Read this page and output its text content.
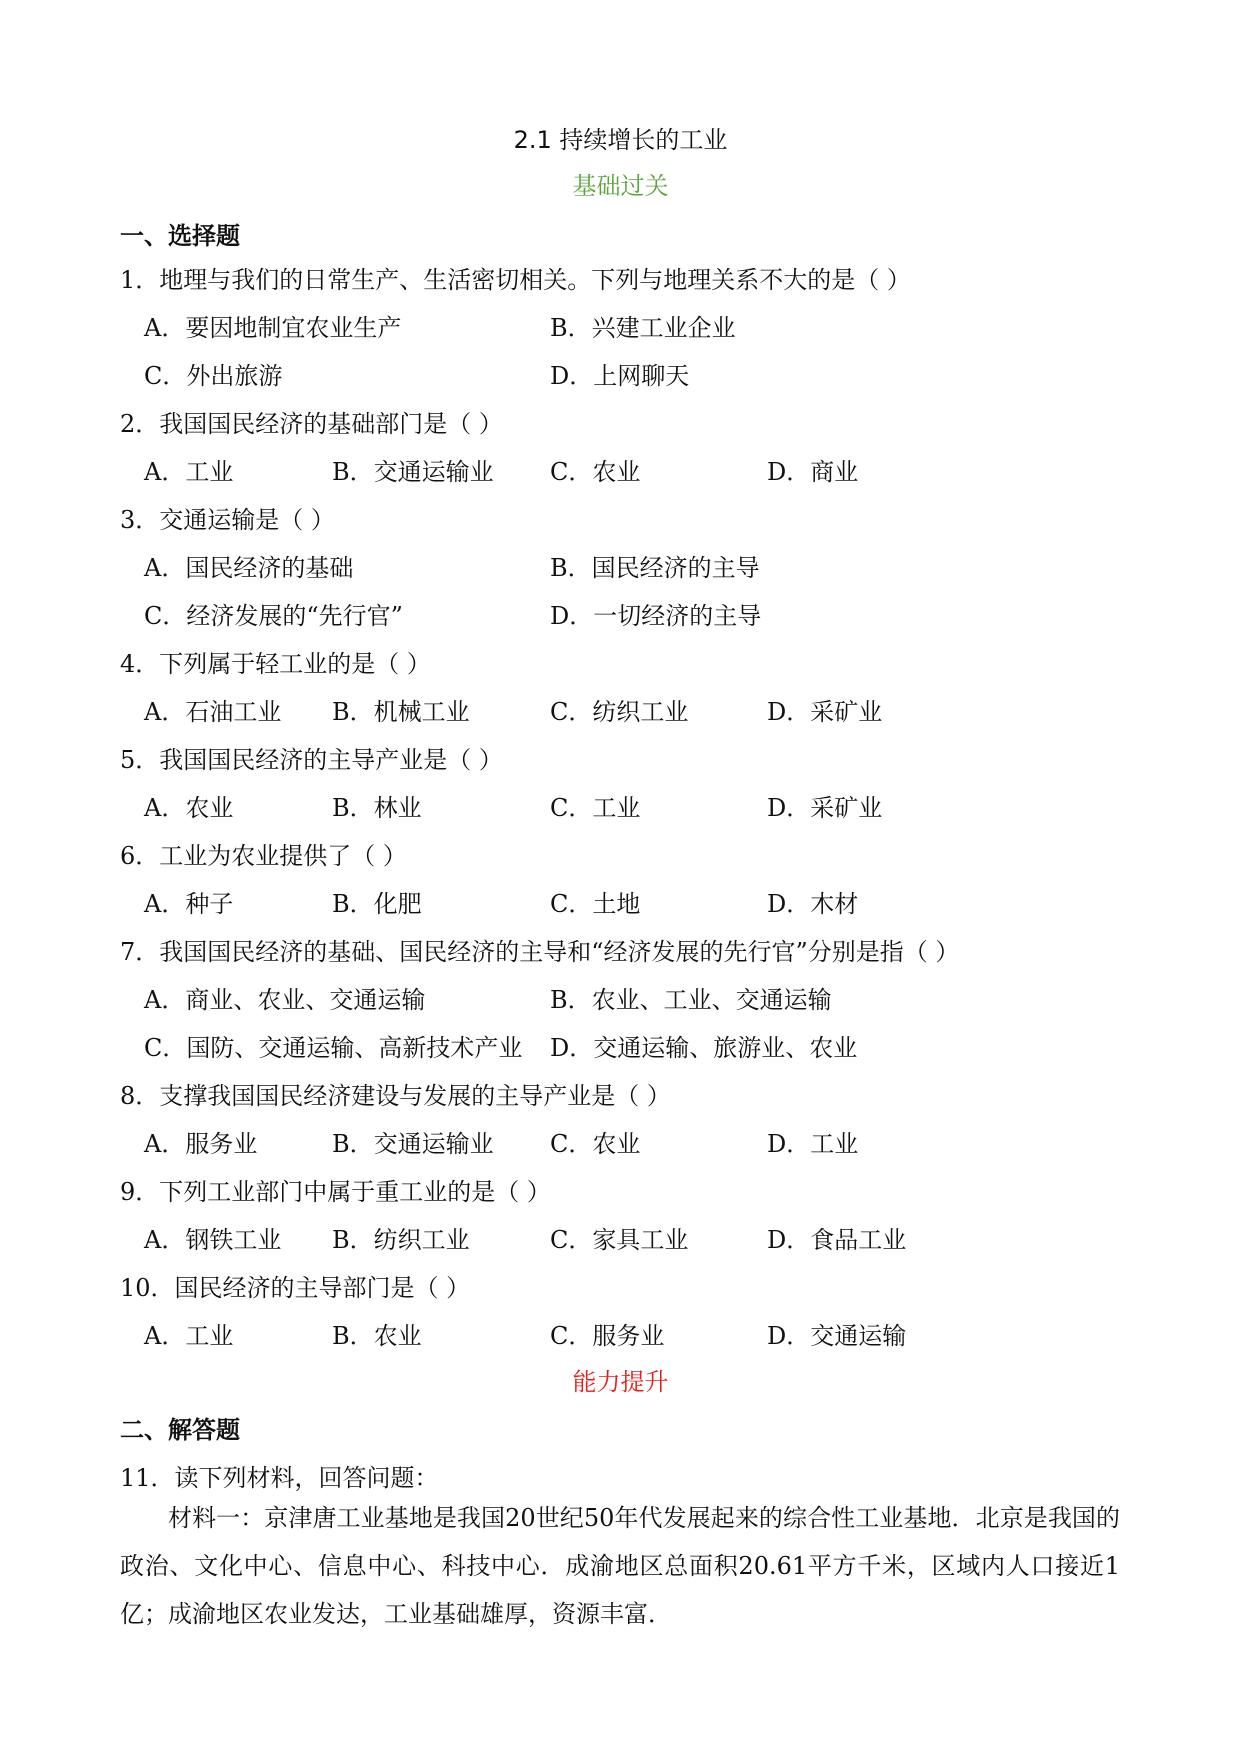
2.1 持续增长的工业
基础过关
一、选择题
1．地理与我们的日常生产、生活密切相关。下列与地理关系不大的是（ ）
A．要因地制宜农业生产	B．兴建工业企业
C．外出旅游	D．上网聊天
2．我国国民经济的基础部门是（ ）
A．工业	B．交通运输业 C．农业	D．商业
3．交通运输是（ ）
A．国民经济的基础	B．国民经济的主导
C．经济发展的“先行官”	D．一切经济的主导
4．下列属于轻工业的是（ ）
A．石油工业 B．机械工业	C．纺织工业	D．采矿业
5．我国国民经济的主导产业是（ ）
A．农业	B．林业	C．工业	D．采矿业
6．工业为农业提供了（ ）
A．种子	B．化肥	C．土地	D．木材
7．我国国民经济的基础、国民经济的主导和“经济发展的先行官”分别是指（ ）
A．商业、农业、交通运输	B．农业、工业、交通运输
C．国防、交通运输、高新技术产业 D．交通运输、旅游业、农业
8．支撑我国国民经济建设与发展的主导产业是（ ）
A．服务业	B．交通运输业 C．农业	D．工业
9．下列工业部门中属于重工业的是（ ）
A．钢铁工业 B．纺织工业	C．家具工业	D．食品工业
10．国民经济的主导部门是（ ）
A．工业	B．农业	C．服务业	D．交通运输
能力提升
二、解答题
11．读下列材料，回答问题：

材料一：京津唐工业基地是我国20世纪50年代发展起来的综合性工业基地．北京是我国的政治、文化中心、信息中心、科技中心．成渝地区总面积20.61平方千米，区域内人口接近1亿；成渝地区农业发达，工业基础雄厚，资源丰富．
